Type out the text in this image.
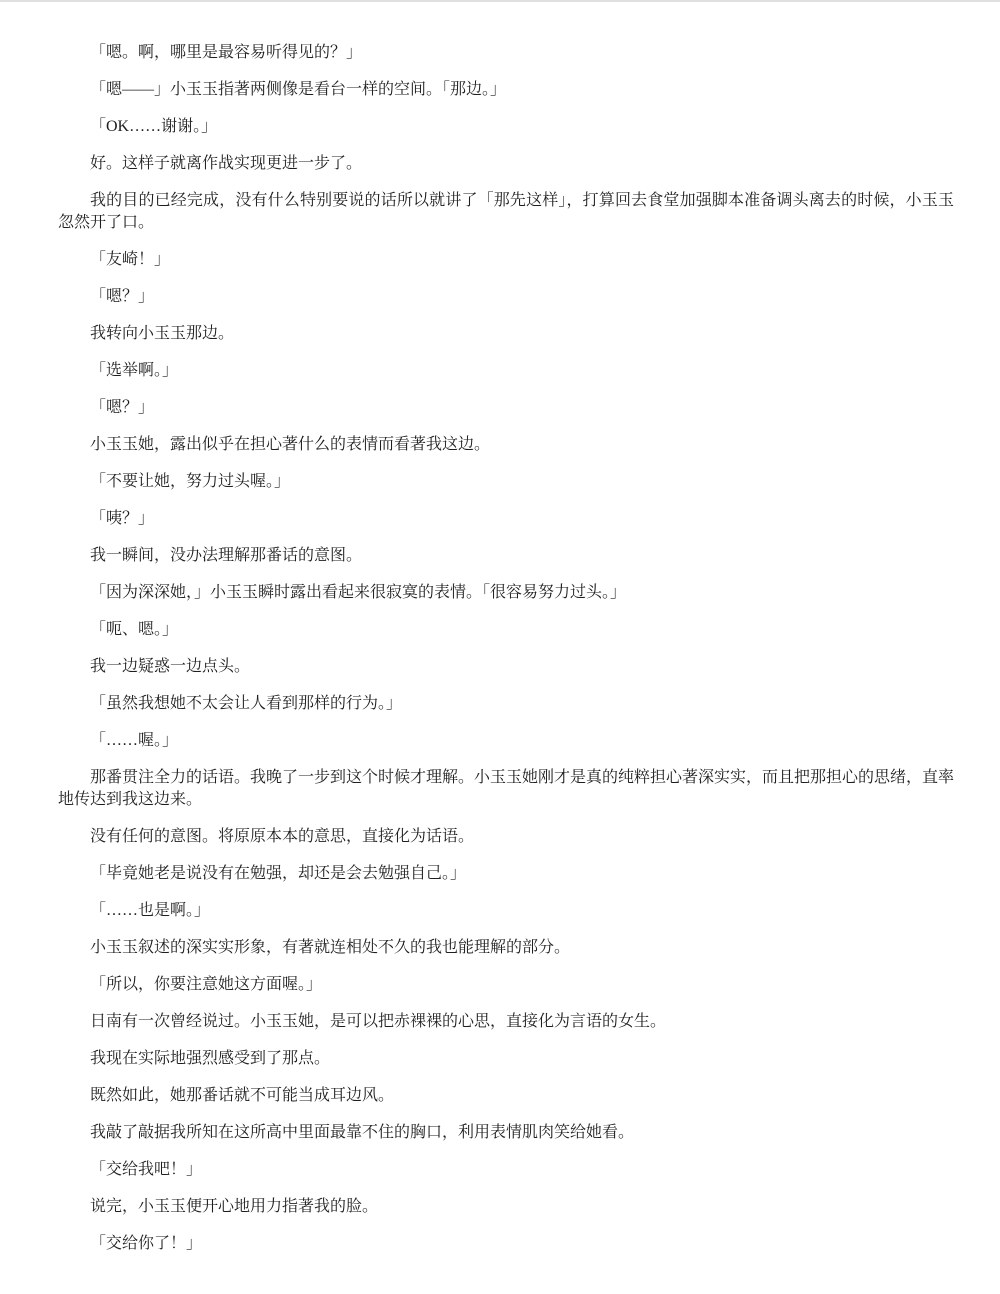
「嗯。啊，哪里是最容易听得见的？」

「嗯——」小玉玉指著两侧像是看台一样的空间。「那边。」

「OK……谢谢。」

好。这样子就离作战实现更进一步了。

我的目的已经完成，没有什么特别要说的话所以就讲了「那先这样」，打算回去食堂加强脚本准备调头离去的时候，小玉玉忽然开了口。

「友崎！」

「嗯？」

我转向小玉玉那边。

「选举啊。」

「嗯？」

小玉玉她，露出似乎在担心著什么的表情而看著我这边。

「不要让她，努力过头喔。」

「咦？」

我一瞬间，没办法理解那番话的意图。

「因为深深她，」小玉玉瞬时露出看起来很寂寞的表情。「很容易努力过头。」

「呃、嗯。」

我一边疑惑一边点头。

「虽然我想她不太会让人看到那样的行为。」

「……喔。」

那番贯注全力的话语。我晚了一步到这个时候才理解。小玉玉她刚才是真的纯粹担心著深实实，而且把那担心的思绪，直率地传达到我这边来。

没有任何的意图。将原原本本的意思，直接化为话语。

「毕竟她老是说没有在勉强，却还是会去勉强自己。」

「……也是啊。」

小玉玉叙述的深实实形象，有著就连相处不久的我也能理解的部分。

「所以，你要注意她这方面喔。」

日南有一次曾经说过。小玉玉她，是可以把赤裸裸的心思，直接化为言语的女生。

我现在实际地强烈感受到了那点。

既然如此，她那番话就不可能当成耳边风。

我敲了敲据我所知在这所高中里面最靠不住的胸口，利用表情肌肉笑给她看。

「交给我吧！」

说完，小玉玉便开心地用力指著我的脸。

「交给你了！」
